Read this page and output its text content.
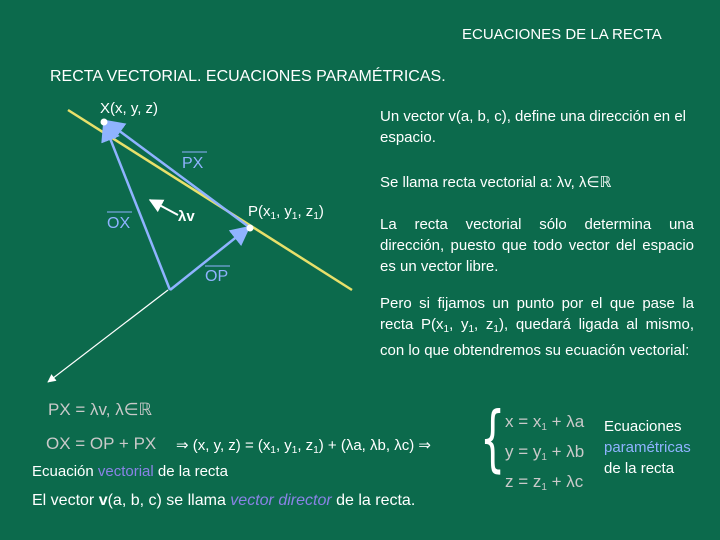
ECUACIONES DE LA RECTA
RECTA VECTORIAL. ECUACIONES PARAMÉTRICAS.
X(x, y, z)
PX
λv	$P(x_1$, $y_1$, $z_1$)
OX
OP
Un vector v(a, b, c), define una dirección en el espacio.
Se llama recta vectorial a: λv, λ∈ℝ
La recta vectorial sólo determina una dirección, puesto que todo vector del espacio es un vector libre.
Pero si fijamos un punto por el que pase la recta $P(x_1$, $y_1$, $z_1$), quedará ligada al mismo, con lo que obtendremos su ecuación vectorial:
PX = λv, λ∈ℝ
OX = OP + PX ⇒ (x, y, $z) = (x_1$, $y_1$, $z_1) + (\lambda a$, λb, λc) ⇒
Ecuación vectorial de la recta
El vector v(a, b, c) se llama vector director de la recta.
{ $x = x_1 + \lambda a$
$y = y_1 + \lambda b$
$z = z_1 + \lambda c$
Ecuaciones
paramétricas
de la recta
